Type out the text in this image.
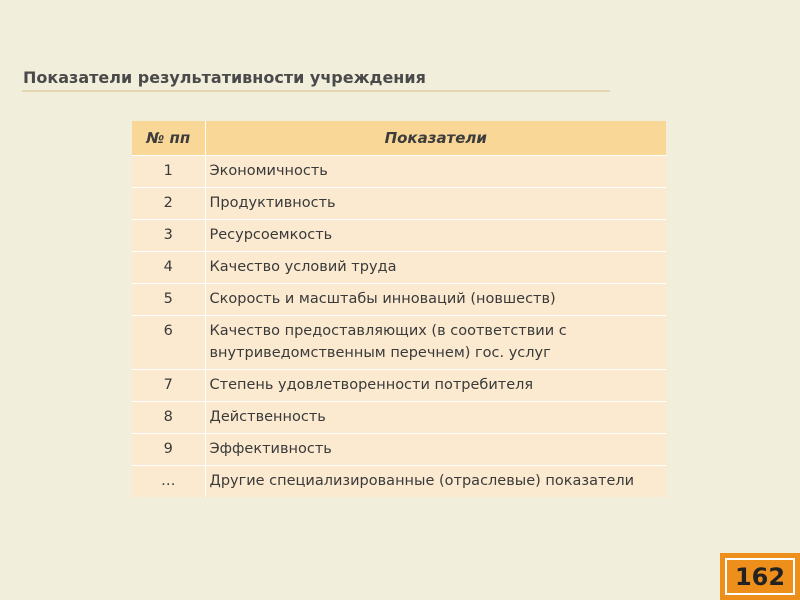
Показатели результативности учреждения
№ пп	Показатели
1	Экономичность
2	Продуктивность
3	Ресурсоемкость
4	Качество условий труда
5	Скорость и масштабы инноваций (новшеств)
6	Качество предоставляющих (в соответствии с внутриведомственным перечнем) гос. услуг
7	Степень удовлетворенности потребителя
8	Действенность
9	Эффективность
…	Другие специализированные (отраслевые) показатели
162
